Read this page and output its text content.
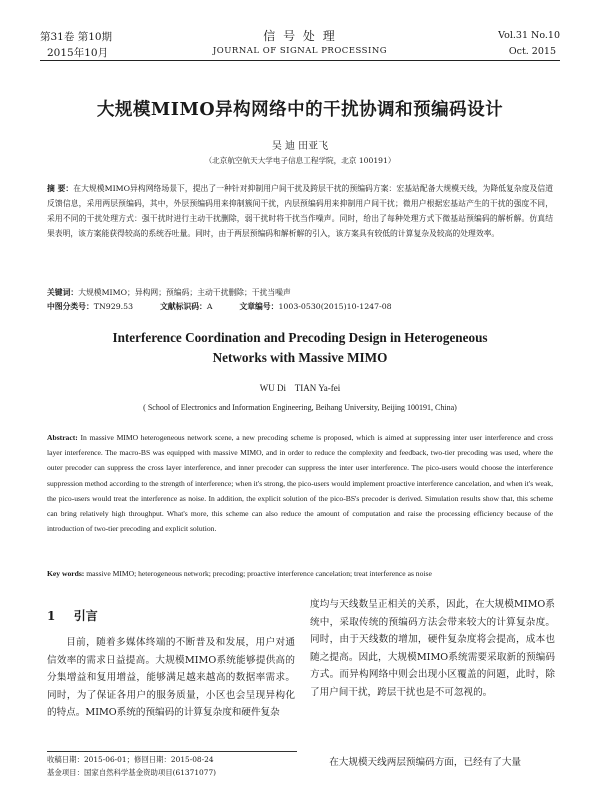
第31卷 第10期
2015年10月
信 号 处 理
JOURNAL OF SIGNAL PROCESSING
Vol.31 No.10
Oct. 2015
大规模MIMO异构网络中的干扰协调和预编码设计
吴 迪 田亚飞
（北京航空航天大学电子信息工程学院，北京 100191）
摘 要：在大规模MIMO异构网络场景下，提出了一种针对抑制用户间干扰及跨层干扰的预编码方案：宏基站配备大规模天线，为降低复杂度及信道反馈信息，采用两层预编码，其中，外层预编码用来抑制簇间干扰，内层预编码用来抑制用户间干扰；微用户根据宏基站产生的干扰的强度不同，采用不同的干扰处理方式：强干扰时进行主动干扰删除，弱干扰时将干扰当作噪声。同时，给出了每种处理方式下微基站预编码的解析解。仿真结果表明，该方案能获得较高的系统吞吐量。同时，由于两层预编码和解析解的引入，该方案具有较低的计算复杂及较高的处理效率。
关键词：大规模MIMO；异构网；预编码；主动干扰删除；干扰当噪声
中图分类号：TN929.53	文献标识码：A	文章编号：1003-0530(2015)10-1247-08
Interference Coordination and Precoding Design in Heterogeneous
Networks with Massive MIMO
WU Di    TIAN Ya-fei
( School of Electronics and Information Engineering, Beihang University, Beijing 100191, China)
Abstract: In massive MIMO heterogeneous network scene, a new precoding scheme is proposed, which is aimed at suppressing inter user interference and cross layer interference. The macro-BS was equipped with massive MIMO, and in order to reduce the complexity and feedback, two-tier precoding was used, where the outer precoder can suppress the cross layer interference, and inner precoder can suppress the inter user interference. The pico-users would choose the interference suppression method according to the strength of interference; when it's strong, the pico-users would implement proactive interference cancelation, and when it's weak, the pico-users would treat the interference as noise. In addition, the explicit solution of the pico-BS's precoder is derived. Simulation results show that, this scheme can bring relatively high throughput. What's more, this scheme can also reduce the amount of computation and raise the processing efficiency because of the introduction of two-tier precoding and explicit solution.
Key words: massive MIMO; heterogeneous network; precoding; proactive interference cancelation; treat interference as noise
1 引言
目前，随着多媒体终端的不断普及和发展，用户对通信效率的需求日益提高。大规模MIMO系统能够提供高的分集增益和复用增益，能够满足越来越高的数据率需求。同时，为了保证各用户的服务质量，小区也会呈现异构化的特点。MIMO系统的预编码的计算复杂度和硬件复杂
度均与天线数呈正相关的关系，因此，在大规模MIMO系统中，采取传统的预编码方法会带来较大的计算复杂度。同时，由于天线数的增加，硬件复杂度将会提高，成本也随之提高。因此，大规模MIMO系统需要采取新的预编码方式。而异构网络中则会出现小区覆盖的问题，此时，除了用户间干扰，跨层干扰也是不可忽视的。
在大规模天线两层预编码方面，已经有了大量
收稿日期：2015-06-01；修回日期：2015-08-24
基金项目：国家自然科学基金资助项目(61371077)
